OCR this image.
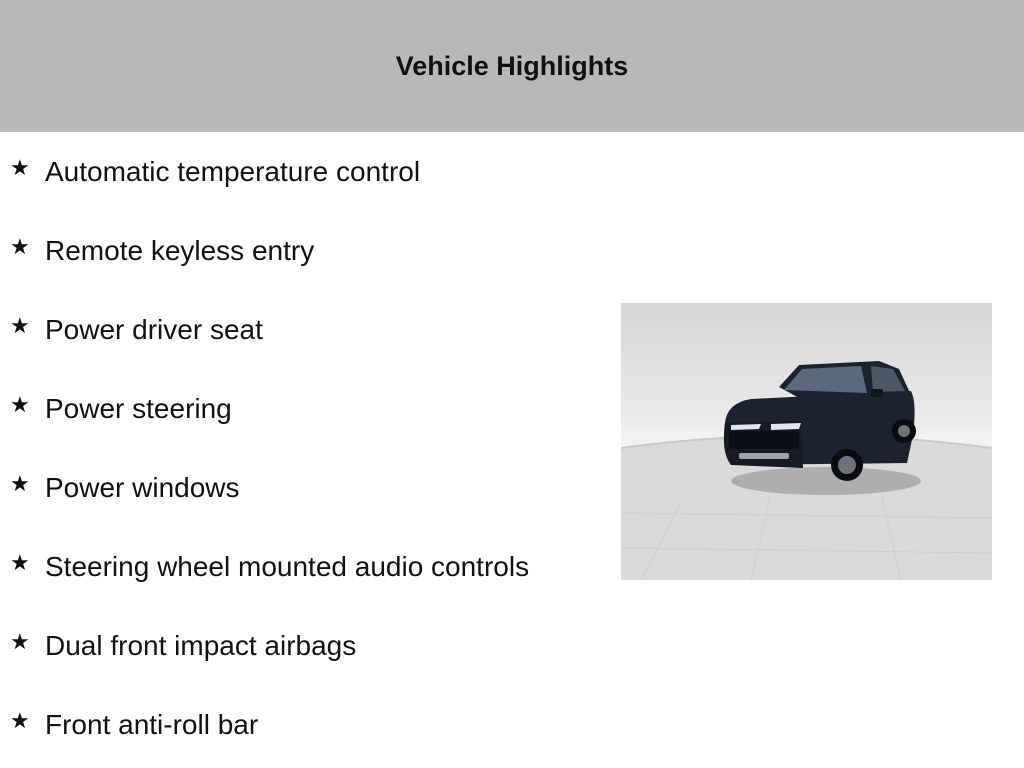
Vehicle Highlights
★ Automatic temperature control
★ Remote keyless entry
★ Power driver seat
★ Power steering
★ Power windows
★ Steering wheel mounted audio controls
★ Dual front impact airbags
★ Front anti-roll bar
